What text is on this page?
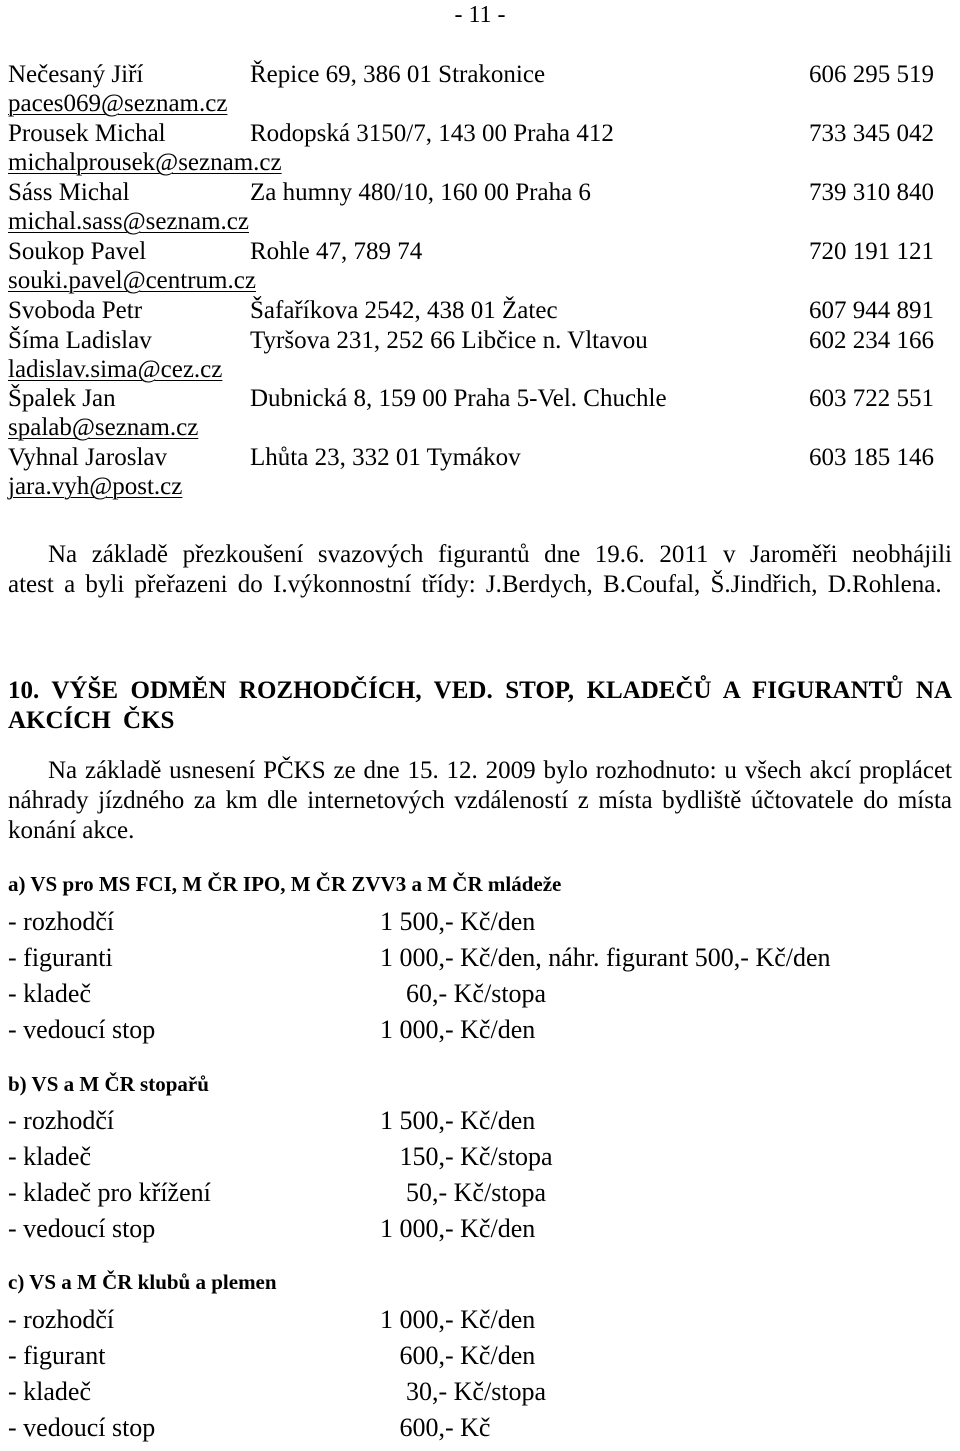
- 11 -
Nečesaný Jiří	Řepice 69, 386 01 Strakonice	606 295 519
paces069@seznam.cz
Prousek Michal	Rodopská 3150/7, 143 00 Praha 412	733 345 042
michalprousek@seznam.cz
Sáss Michal	Za humny 480/10, 160 00 Praha 6	739 310 840
michal.sass@seznam.cz
Soukop Pavel	Rohle 47, 789 74	720 191 121
souki.pavel@centrum.cz
Svoboda Petr	Šafaříkova 2542, 438 01 Žatec	607 944 891
Šíma Ladislav	Tyršova 231, 252 66 Libčice n. Vltavou	602 234 166
ladislav.sima@cez.cz
Špalek Jan	Dubnická 8, 159 00 Praha 5-Vel. Chuchle	603 722 551
spalab@seznam.cz
Vyhnal Jaroslav	Lhůta 23, 332 01 Tymákov	603 185 146
jara.vyh@post.cz
Na základě přezkoušení svazových figurantů dne 19.6. 2011 v Jaroměři neobhájili atest a byli přeřazeni do I.výkonnostní třídy: J.Berdych, B.Coufal, Š.Jindřich, D.Rohlena.
10. VÝŠE ODMĚN ROZHODČÍCH, VED. STOP, KLADEČŮ A FIGURANTŮ NA AKCÍCH ČKS
Na základě usnesení PČKS ze dne 15. 12. 2009 bylo rozhodnuto: u všech akcí proplácet náhrady jízdného za km dle internetových vzdáleností z místa bydliště účtovatele do místa konání akce.
a) VS pro MS FCI, M ČR IPO, M ČR ZVV3 a M ČR mládeže
- rozhodčí	1 500,- Kč/den
- figuranti	1 000,- Kč/den, náhr. figurant 500,- Kč/den
- kladeč	60,- Kč/stopa
- vedoucí stop	1 000,- Kč/den
b) VS a M ČR stopařů
- rozhodčí	1 500,- Kč/den
- kladeč	150,- Kč/stopa
- kladeč pro křížení	50,- Kč/stopa
- vedoucí stop	1 000,- Kč/den
c) VS a M ČR klubů a plemen
- rozhodčí	1 000,- Kč/den
- figurant	600,- Kč/den
- kladeč	30,- Kč/stopa
- vedoucí stop	600,- Kč
